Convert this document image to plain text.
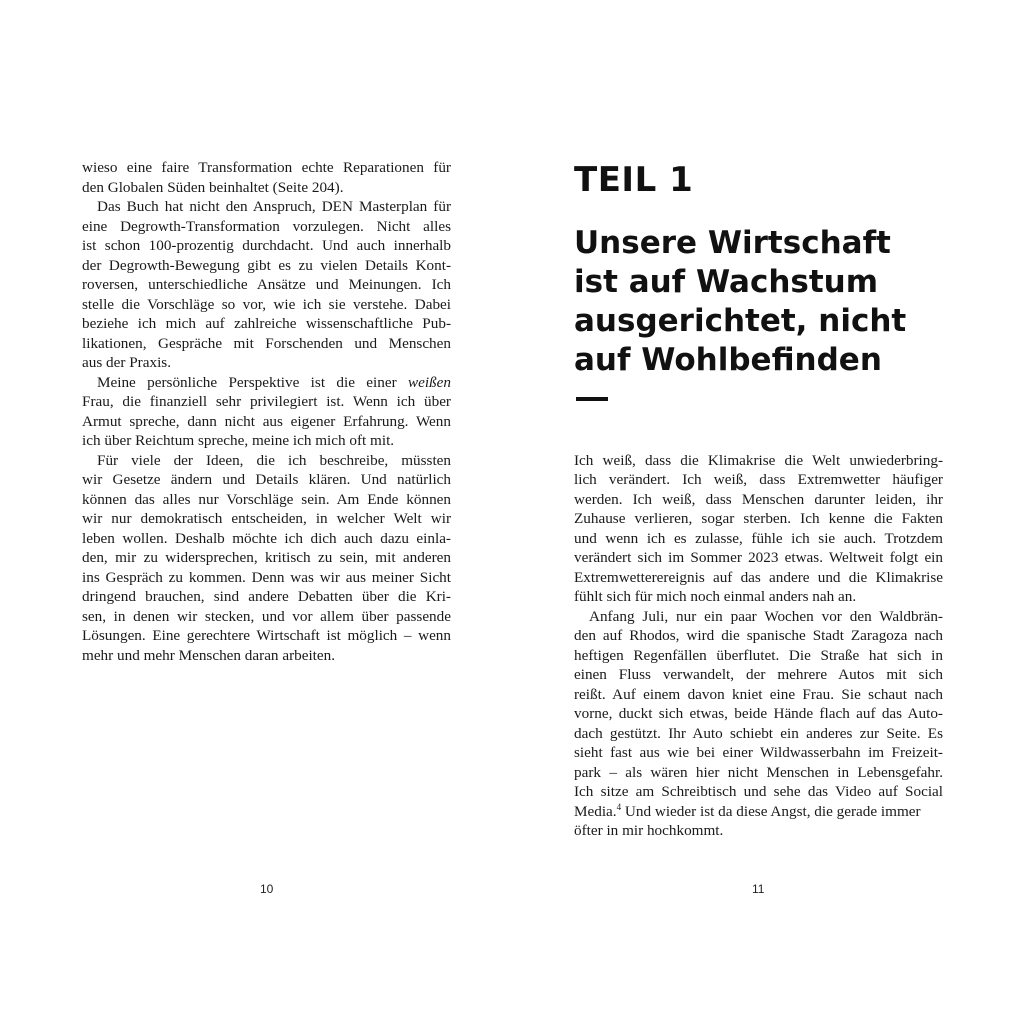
wieso eine faire Transformation echte Reparationen für
den Globalen Süden beinhaltet (Seite 204).
Das Buch hat nicht den Anspruch, DEN Masterplan für
eine Degrowth-Transformation vorzulegen. Nicht alles
ist schon 100-prozentig durchdacht. Und auch innerhalb
der Degrowth-Bewegung gibt es zu vielen Details Kont-
roversen, unterschiedliche Ansätze und Meinungen. Ich
stelle die Vorschläge so vor, wie ich sie verstehe. Dabei
beziehe ich mich auf zahlreiche wissenschaftliche Pub-
likationen, Gespräche mit Forschenden und Menschen
aus der Praxis.
Meine persönliche Perspektive ist die einer weißen
Frau, die finanziell sehr privilegiert ist. Wenn ich über
Armut spreche, dann nicht aus eigener Erfahrung. Wenn
ich über Reichtum spreche, meine ich mich oft mit.
Für viele der Ideen, die ich beschreibe, müssten
wir Gesetze ändern und Details klären. Und natürlich
können das alles nur Vorschläge sein. Am Ende können
wir nur demokratisch entscheiden, in welcher Welt wir
leben wollen. Deshalb möchte ich dich auch dazu einla-
den, mir zu widersprechen, kritisch zu sein, mit anderen
ins Gespräch zu kommen. Denn was wir aus meiner Sicht
dringend brauchen, sind andere Debatten über die Kri-
sen, in denen wir stecken, und vor allem über passende
Lösungen. Eine gerechtere Wirtschaft ist möglich – wenn
mehr und mehr Menschen daran arbeiten.
TEIL 1
Unsere Wirtschaft
ist auf Wachstum
ausgerichtet, nicht
auf Wohlbefinden
Ich weiß, dass die Klimakrise die Welt unwiederbring-
lich verändert. Ich weiß, dass Extremwetter häufiger
werden. Ich weiß, dass Menschen darunter leiden, ihr
Zuhause verlieren, sogar sterben. Ich kenne die Fakten
und wenn ich es zulasse, fühle ich sie auch. Trotzdem
verändert sich im Sommer 2023 etwas. Weltweit folgt ein
Extremwetterereignis auf das andere und die Klimakrise
fühlt sich für mich noch einmal anders nah an.
Anfang Juli, nur ein paar Wochen vor den Waldbrän-
den auf Rhodos, wird die spanische Stadt Zaragoza nach
heftigen Regenfällen überflutet. Die Straße hat sich in
einen Fluss verwandelt, der mehrere Autos mit sich
reißt. Auf einem davon kniet eine Frau. Sie schaut nach
vorne, duckt sich etwas, beide Hände flach auf das Auto-
dach gestützt. Ihr Auto schiebt ein anderes zur Seite. Es
sieht fast aus wie bei einer Wildwasserbahn im Freizeit-
park – als wären hier nicht Menschen in Lebensgefahr.
Ich sitze am Schreibtisch und sehe das Video auf Social
Media.$^4$ Und wieder ist da diese Angst, die gerade immer
öfter in mir hochkommt.
10	11
